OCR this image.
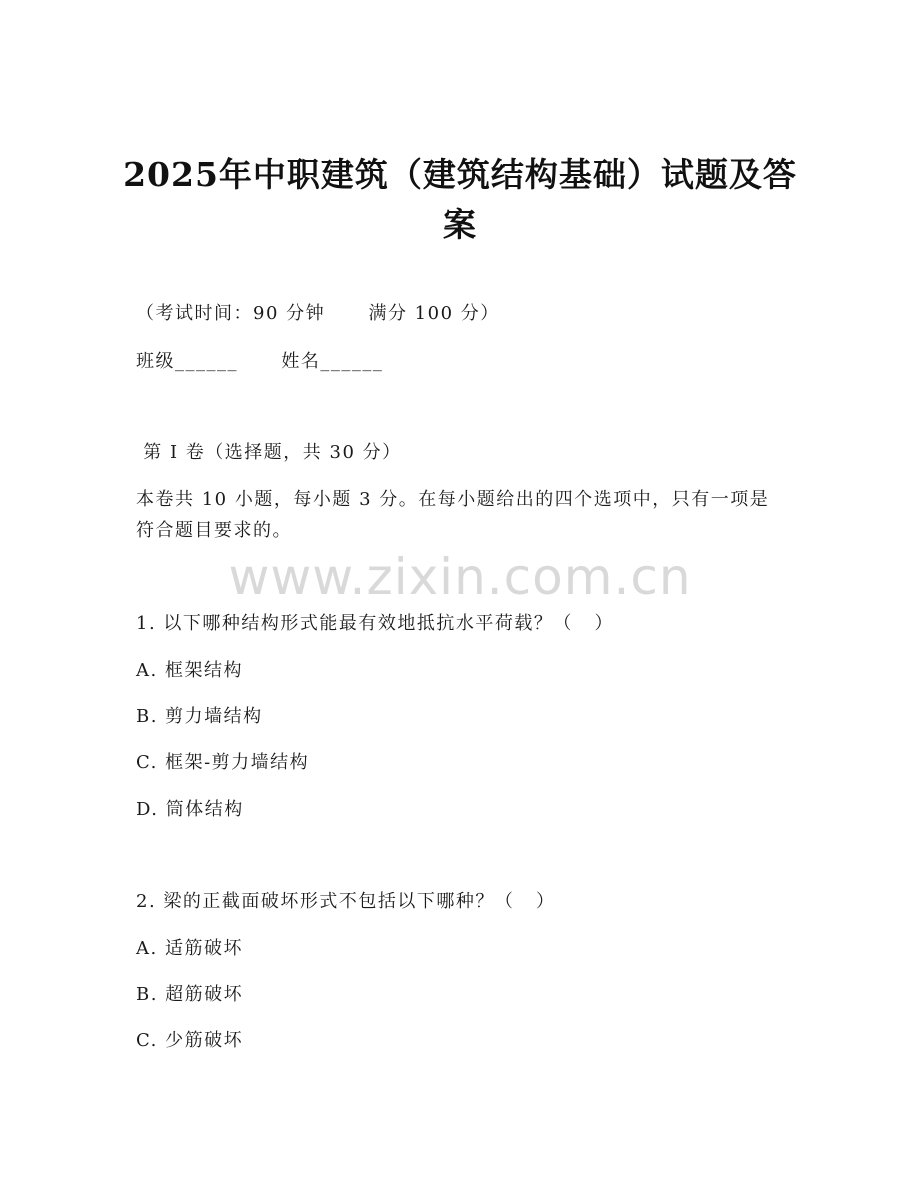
2025年中职建筑（建筑结构基础）试题及答案
（考试时间：90 分钟      满分 100 分）
班级______      姓名______
第 I 卷（选择题，共 30 分）
本卷共 10 小题，每小题 3 分。在每小题给出的四个选项中，只有一项是符合题目要求的。
www.zixin.com.cn
1. 以下哪种结构形式能最有效地抵抗水平荷载？（   ）
A. 框架结构
B. 剪力墙结构
C. 框架-剪力墙结构
D. 筒体结构
2. 梁的正截面破坏形式不包括以下哪种？（   ）
A. 适筋破坏
B. 超筋破坏
C. 少筋破坏
